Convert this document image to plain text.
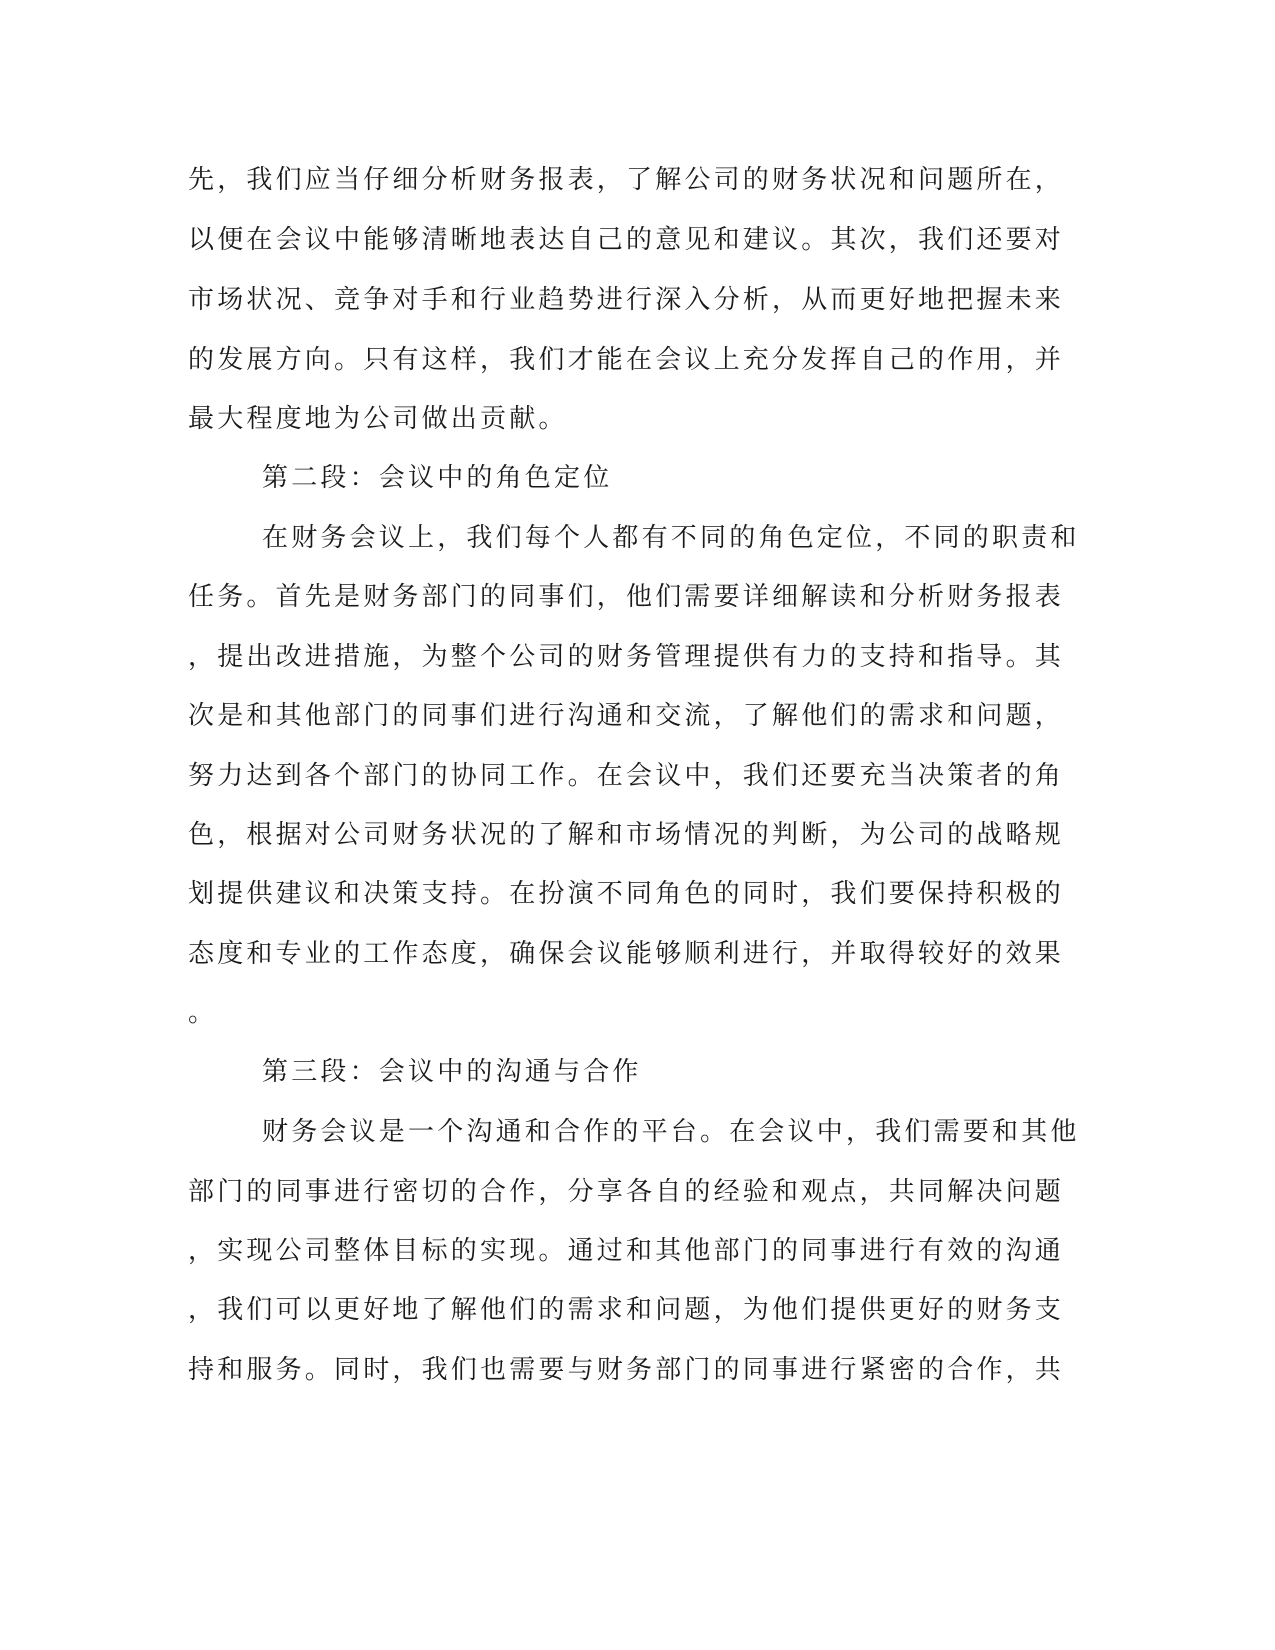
先，我们应当仔细分析财务报表，了解公司的财务状况和问题所在，
以便在会议中能够清晰地表达自己的意见和建议。其次，我们还要对
市场状况、竞争对手和行业趋势进行深入分析，从而更好地把握未来
的发展方向。只有这样，我们才能在会议上充分发挥自己的作用，并
最大程度地为公司做出贡献。
第二段：会议中的角色定位
在财务会议上，我们每个人都有不同的角色定位，不同的职责和
任务。首先是财务部门的同事们，他们需要详细解读和分析财务报表
，提出改进措施，为整个公司的财务管理提供有力的支持和指导。其
次是和其他部门的同事们进行沟通和交流，了解他们的需求和问题，
努力达到各个部门的协同工作。在会议中，我们还要充当决策者的角
色，根据对公司财务状况的了解和市场情况的判断，为公司的战略规
划提供建议和决策支持。在扮演不同角色的同时，我们要保持积极的
态度和专业的工作态度，确保会议能够顺利进行，并取得较好的效果
。
第三段：会议中的沟通与合作
财务会议是一个沟通和合作的平台。在会议中，我们需要和其他
部门的同事进行密切的合作，分享各自的经验和观点，共同解决问题
，实现公司整体目标的实现。通过和其他部门的同事进行有效的沟通
，我们可以更好地了解他们的需求和问题，为他们提供更好的财务支
持和服务。同时，我们也需要与财务部门的同事进行紧密的合作，共
